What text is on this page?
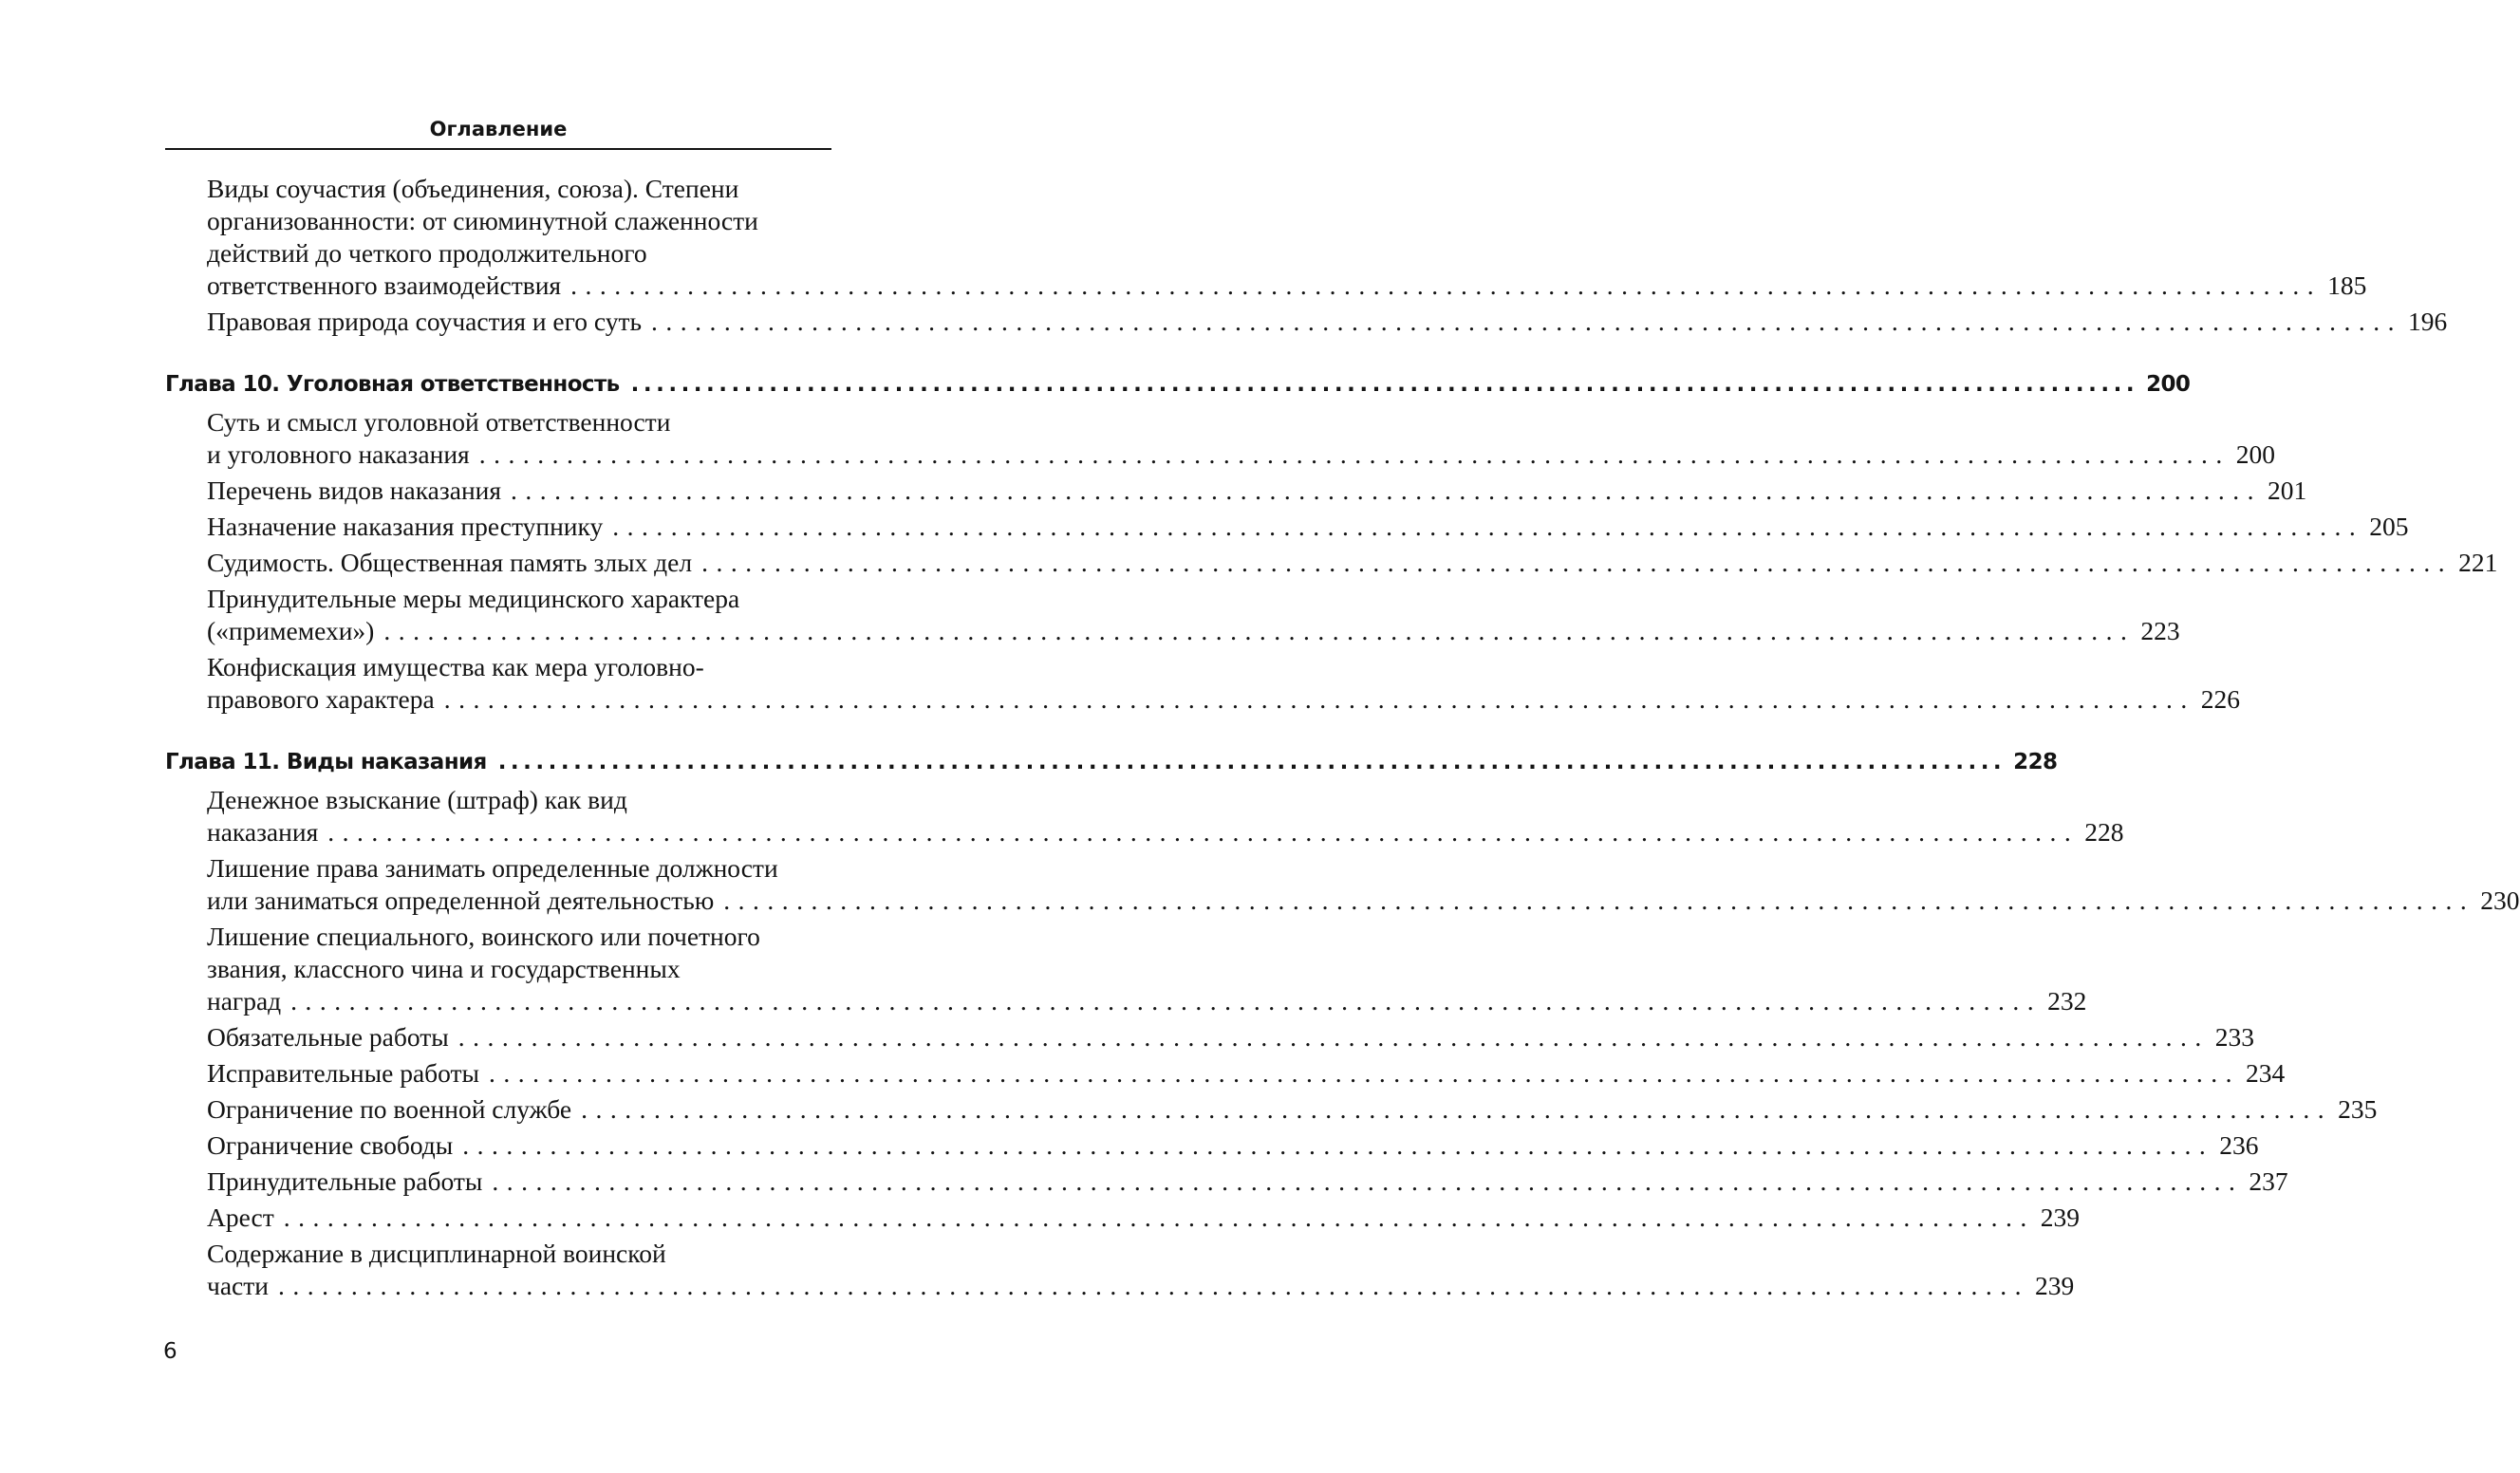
Оглавление
Виды соучастия (объединения, союза). Степени
организованности: от сиюминутной слаженности
действий до четкого продолжительного
ответственного взаимодействия ........................................................................................................................ 185
Правовая природа соучастия и его суть ........................................................................................................................ 196
Глава 10. Уголовная ответственность ........................................................................................................................ 200
Суть и смысл уголовной ответственности
и уголовного наказания ........................................................................................................................ 200
Перечень видов наказания ........................................................................................................................ 201
Назначение наказания преступнику ........................................................................................................................ 205
Судимость. Общественная память злых дел ........................................................................................................................ 221
Принудительные меры медицинского характера
(«примемехи») ........................................................................................................................ 223
Конфискация имущества как мера уголовно-
правового характера ........................................................................................................................ 226
Глава 11. Виды наказания ........................................................................................................................ 228
Денежное взыскание (штраф) как вид
наказания ........................................................................................................................ 228
Лишение права занимать определенные должности
или заниматься определенной деятельностью ........................................................................................................................ 230
Лишение специального, воинского или почетного
звания, классного чина и государственных
наград ........................................................................................................................ 232
Обязательные работы ........................................................................................................................ 233
Исправительные работы ........................................................................................................................ 234
Ограничение по военной службе ........................................................................................................................ 235
Ограничение свободы ........................................................................................................................ 236
Принудительные работы ........................................................................................................................ 237
Арест ........................................................................................................................ 239
Содержание в дисциплинарной воинской
части ........................................................................................................................ 239
6
